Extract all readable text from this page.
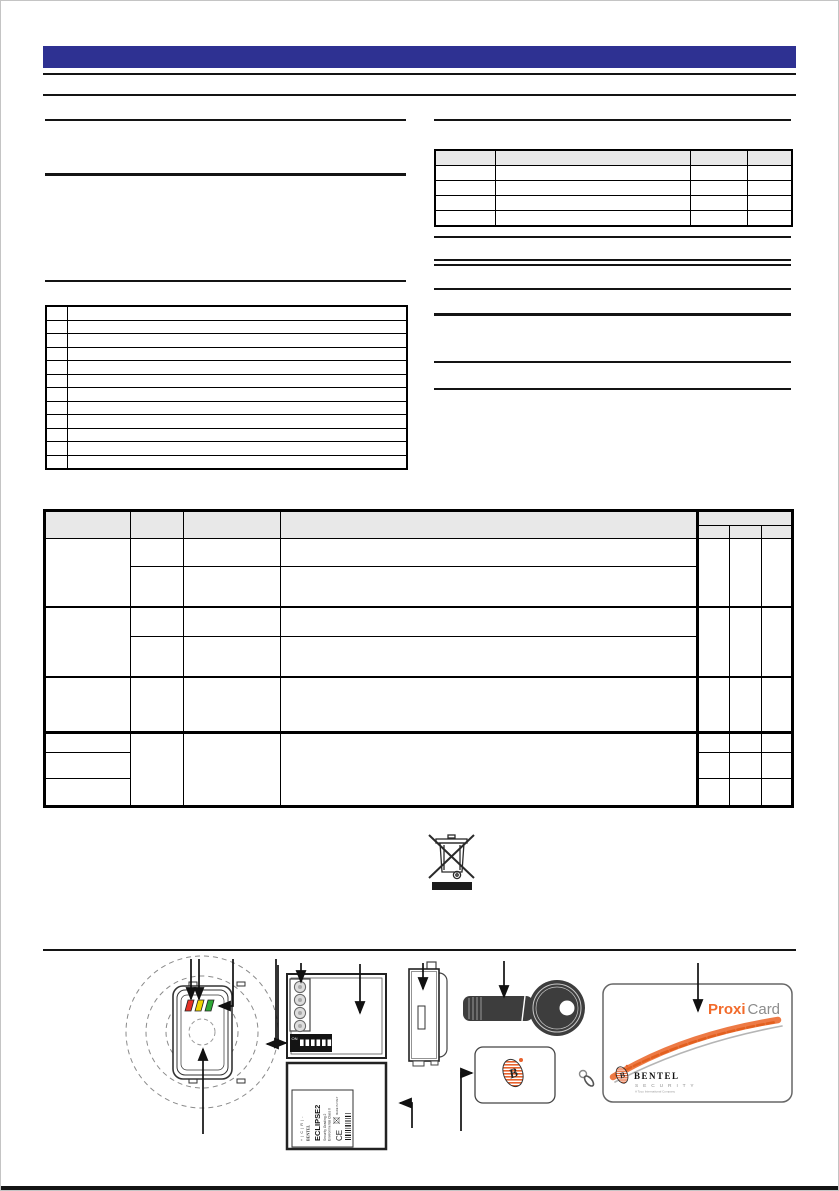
ON
+ | C | R | - BENTEL ECLIPSE2 Security Grading 2 Environmental Class II CE
MADE IN ITALY
B
Proxi Card
B BENTEL
S E C U R I T Y
A Tyco International Company
